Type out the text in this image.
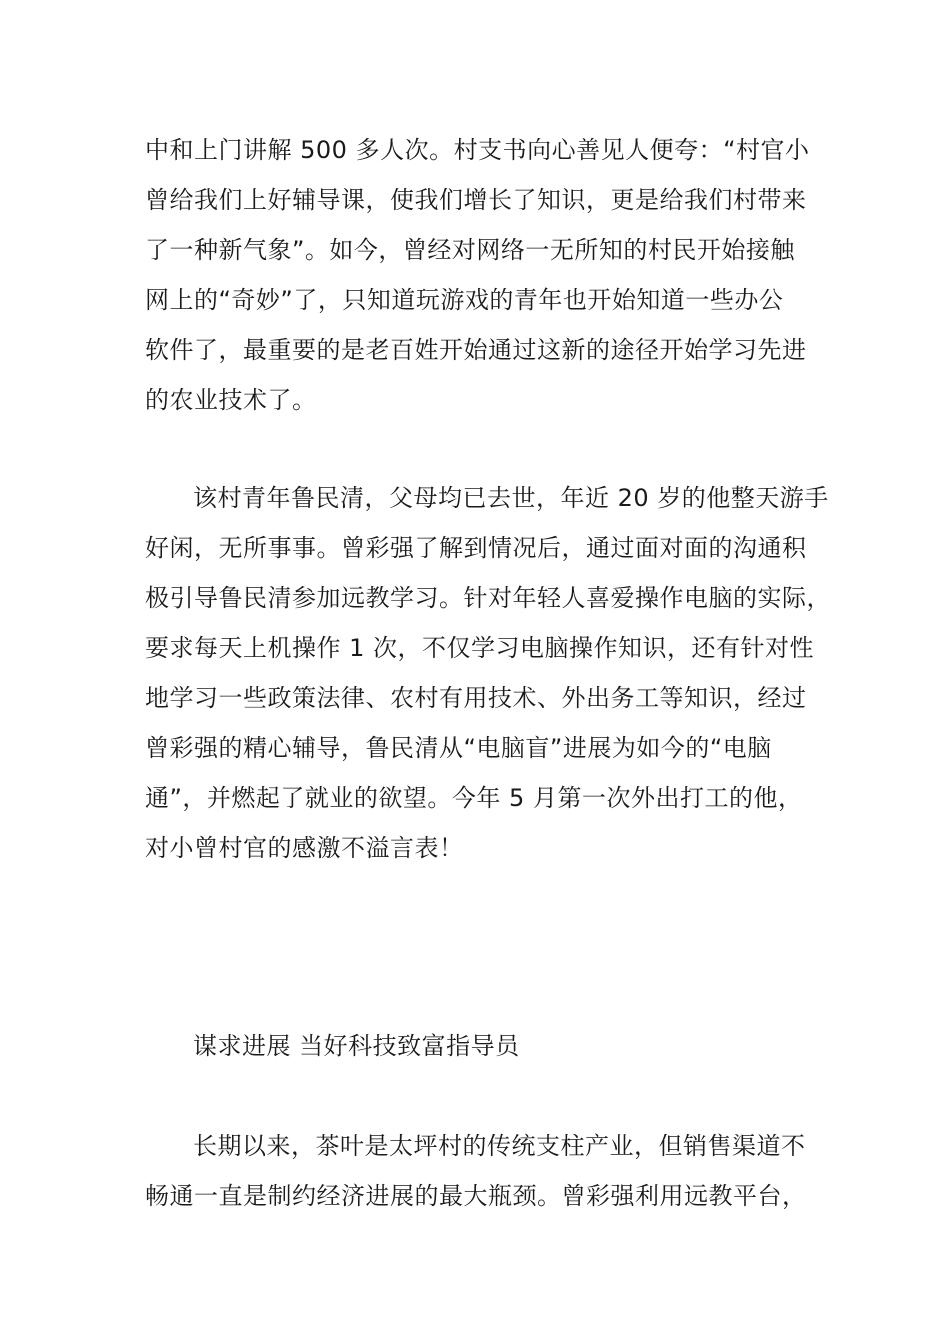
中和上门讲解 500 多人次。村支书向心善见人便夸：“村官小
曾给我们上好辅导课，使我们增长了知识，更是给我们村带来
了一种新气象”。如今，曾经对网络一无所知的村民开始接触
网上的“奇妙”了，只知道玩游戏的青年也开始知道一些办公
软件了，最重要的是老百姓开始通过这新的途径开始学习先进
的农业技术了。
该村青年鲁民清，父母均已去世，年近 20 岁的他整天游手
好闲，无所事事。曾彩强了解到情况后，通过面对面的沟通积
极引导鲁民清参加远教学习。针对年轻人喜爱操作电脑的实际，
要求每天上机操作 1 次，不仅学习电脑操作知识，还有针对性
地学习一些政策法律、农村有用技术、外出务工等知识，经过
曾彩强的精心辅导，鲁民清从“电脑盲”进展为如今的“电脑
通”，并燃起了就业的欲望。今年 5 月第一次外出打工的他，
对小曾村官的感激不溢言表！
谋求进展 当好科技致富指导员
长期以来，茶叶是太坪村的传统支柱产业，但销售渠道不
畅通一直是制约经济进展的最大瓶颈。曾彩强利用远教平台，
